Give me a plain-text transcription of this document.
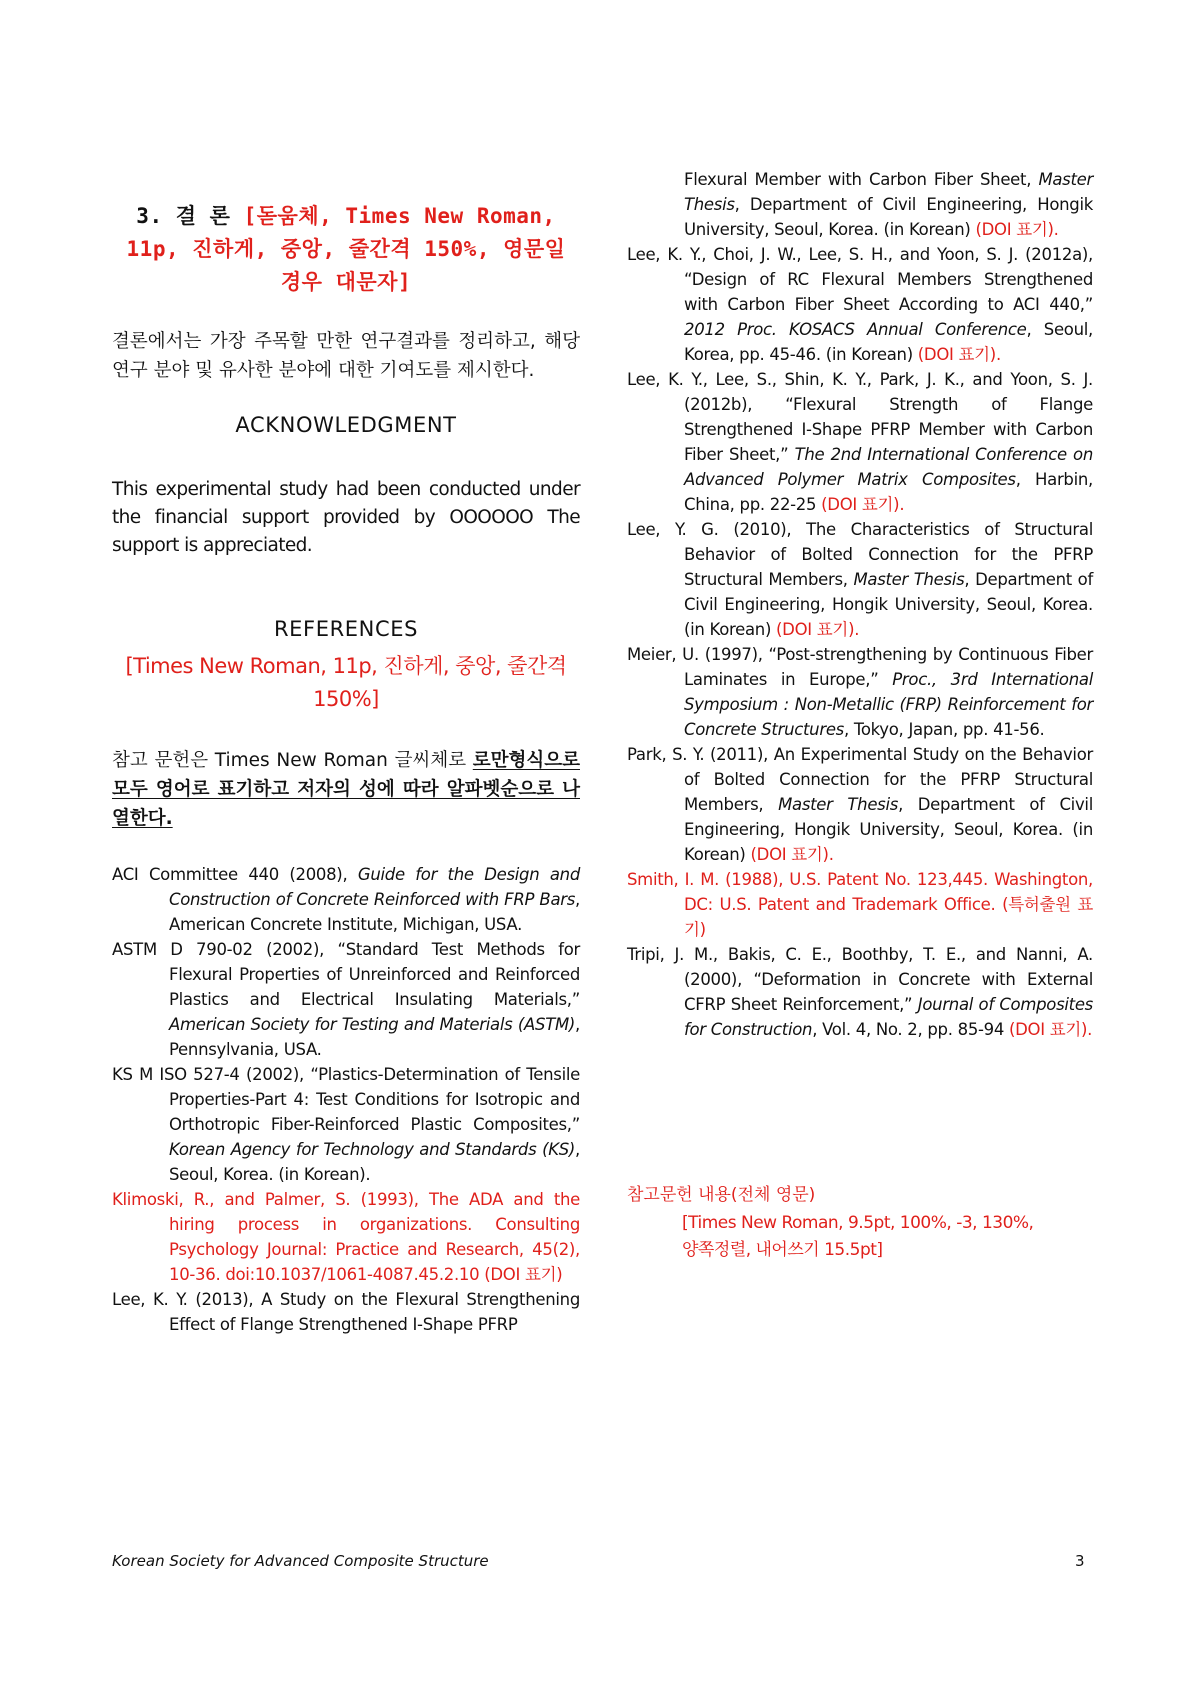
3. 결 론 [돋움체, Times New Roman, 11p, 진하게, 중앙, 줄간격 150%, 영문일 경우 대문자]
결론에서는 가장 주목할 만한 연구결과를 정리하고, 해당 연구 분야 및 유사한 분야에 대한 기여도를 제시한다.
ACKNOWLEDGMENT
This experimental study had been conducted under the financial support provided by OOOOOO The support is appreciated.
REFERENCES
[Times New Roman, 11p, 진하게, 중앙, 줄간격 150%]
참고 문헌은 Times New Roman 글씨체로 로만형식으로 모두 영어로 표기하고 저자의 성에 따라 알파벳순으로 나열한다.
ACI Committee 440 (2008), Guide for the Design and Construction of Concrete Reinforced with FRP Bars, American Concrete Institute, Michigan, USA.
ASTM D 790-02 (2002), “Standard Test Methods for Flexural Properties of Unreinforced and Reinforced Plastics and Electrical Insulating Materials,” American Society for Testing and Materials (ASTM), Pennsylvania, USA.
KS M ISO 527-4 (2002), “Plastics-Determination of Tensile Properties-Part 4: Test Conditions for Isotropic and Orthotropic Fiber-Reinforced Plastic Composites,” Korean Agency for Technology and Standards (KS), Seoul, Korea. (in Korean).
Klimoski, R., and Palmer, S. (1993), The ADA and the hiring process in organizations. Consulting Psychology Journal: Practice and Research, 45(2), 10-36. doi:10.1037/1061-4087.45.2.10 (DOI 표기)
Lee, K. Y. (2013), A Study on the Flexural Strengthening Effect of Flange Strengthened I-Shape PFRP
Flexural Member with Carbon Fiber Sheet, Master Thesis, Department of Civil Engineering, Hongik University, Seoul, Korea. (in Korean) (DOI 표기).
Lee, K. Y., Choi, J. W., Lee, S. H., and Yoon, S. J. (2012a), “Design of RC Flexural Members Strengthened with Carbon Fiber Sheet According to ACI 440,” 2012 Proc. KOSACS Annual Conference, Seoul, Korea, pp. 45-46. (in Korean) (DOI 표기).
Lee, K. Y., Lee, S., Shin, K. Y., Park, J. K., and Yoon, S. J. (2012b), “Flexural Strength of Flange Strengthened I-Shape PFRP Member with Carbon Fiber Sheet,” The 2nd International Conference on Advanced Polymer Matrix Composites, Harbin, China, pp. 22-25 (DOI 표기).
Lee, Y. G. (2010), The Characteristics of Structural Behavior of Bolted Connection for the PFRP Structural Members, Master Thesis, Department of Civil Engineering, Hongik University, Seoul, Korea. (in Korean) (DOI 표기).
Meier, U. (1997), “Post-strengthening by Continuous Fiber Laminates in Europe,” Proc., 3rd International Symposium : Non-Metallic (FRP) Reinforcement for Concrete Structures, Tokyo, Japan, pp. 41-56.
Park, S. Y. (2011), An Experimental Study on the Behavior of Bolted Connection for the PFRP Structural Members, Master Thesis, Department of Civil Engineering, Hongik University, Seoul, Korea. (in Korean) (DOI 표기).
Smith, I. M. (1988), U.S. Patent No. 123,445. Washington, DC: U.S. Patent and Trademark Office. (특허출원 표기)
Tripi, J. M., Bakis, C. E., Boothby, T. E., and Nanni, A. (2000), “Deformation in Concrete with External CFRP Sheet Reinforcement,” Journal of Composites for Construction, Vol. 4, No. 2, pp. 85-94 (DOI 표기).
참고문헌 내용(전체 영문)
[Times New Roman, 9.5pt, 100%, -3, 130%,
양쪽정렬, 내어쓰기 15.5pt]
Korean Society for Advanced Composite Structure	3
